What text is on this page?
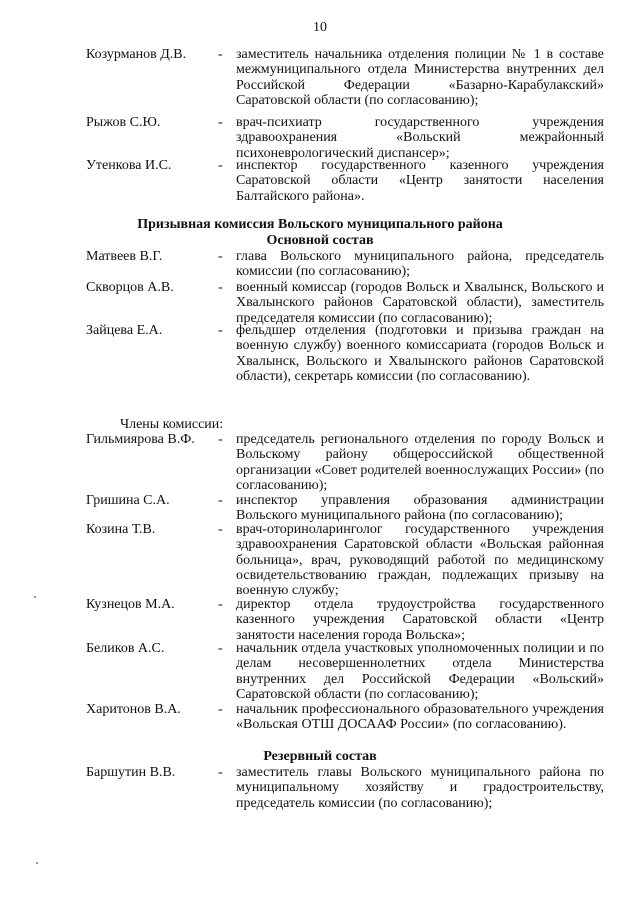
10
Козурманов Д.В. - заместитель начальника отделения полиции № 1 в составе межмуниципального отдела Министерства внутренних дел Российской Федерации «Базарно-Карабулакский» Саратовской области (по согласованию);
Рыжов С.Ю.	- врач-психиатр государственного учреждения здравоохранения «Вольский межрайонный психоневрологический диспансер»;
Утенкова И.С.	- инспектор государственного казенного учреждения Саратовской области «Центр занятости населения Балтайского района».
Призывная комиссия Вольского муниципального района
Основной состав
Матвеев В.Г.	- глава Вольского муниципального района, председатель комиссии (по согласованию);
Скворцов А.В.	- военный комиссар (городов Вольск и Хвалынск, Вольского и Хвалынского районов Саратовской области), заместитель председателя комиссии (по согласованию);
Зайцева Е.А.	- фельдшер отделения (подготовки и призыва граждан на военную службу) военного комиссариата (городов Вольск и Хвалынск, Вольского и Хвалынского районов Саратовской области), секретарь комиссии (по согласованию).
Члены комиссии:
Гильмиярова В.Ф. - председатель регионального отделения по городу Вольск и Вольскому району общероссийской общественной организации «Совет родителей военнослужащих России» (по согласованию);
Гришина С.А.	- инспектор управления образования администрации Вольского муниципального района (по согласованию);
Козина Т.В.	- врач-оториноларинголог государственного учреждения здравоохранения Саратовской области «Вольская районная больница», врач, руководящий работой по медицинскому освидетельствованию граждан, подлежащих призыву на военную службу;
Кузнецов М.А.	- директор отдела трудоустройства государственного казенного учреждения Саратовской области «Центр занятости населения города Вольска»;
Беликов А.С.	- начальник отдела участковых уполномоченных полиции и по делам несовершеннолетних отдела Министерства внутренних дел Российской Федерации «Вольский» Саратовской области (по согласованию);
Харитонов В.А.	- начальник профессионального образовательного учреждения «Вольская ОТШ ДОСААФ России» (по согласованию).
Резервный состав
Баршутин В.В.	- заместитель главы Вольского муниципального района по муниципальному хозяйству и градостроительству, председатель комиссии (по согласованию);
